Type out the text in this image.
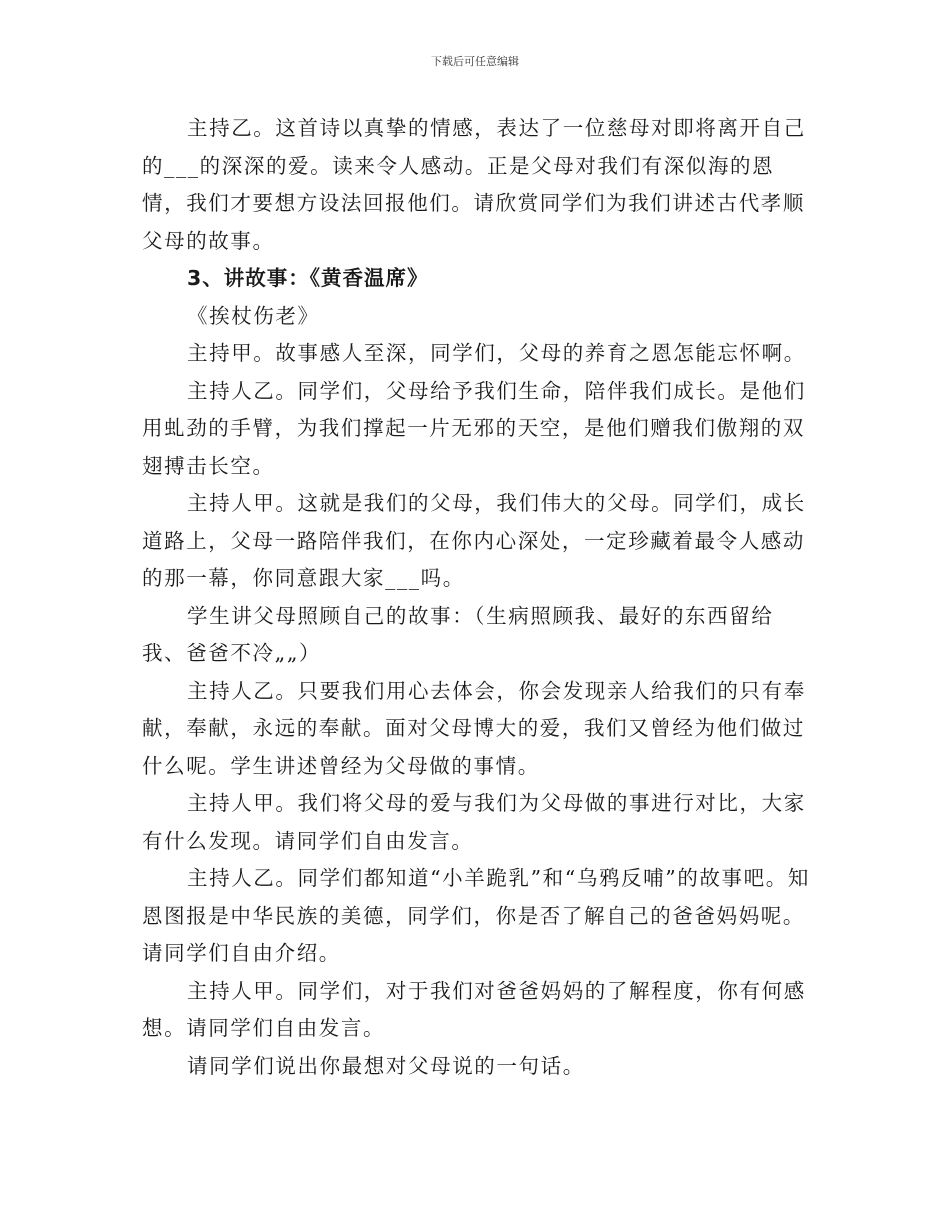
下载后可任意编辑

主持乙。这首诗以真挚的情感，表达了一位慈母对即将离开自己的___的深深的爱。读来令人感动。正是父母对我们有深似海的恩情，我们才要想方设法回报他们。请欣赏同学们为我们讲述古代孝顺父母的故事。

3、讲故事：《黄香温席》

《挨杖伤老》

主持甲。故事感人至深，同学们，父母的养育之恩怎能忘怀啊。

主持人乙。同学们，父母给予我们生命，陪伴我们成长。是他们用虬劲的手臂，为我们撑起一片无邪的天空，是他们赠我们傲翔的双翅搏击长空。

主持人甲。这就是我们的父母，我们伟大的父母。同学们，成长道路上，父母一路陪伴我们，在你内心深处，一定珍藏着最令人感动的那一幕，你同意跟大家___吗。

学生讲父母照顾自己的故事：（生病照顾我、最好的东西留给我、爸爸不冷„„）

主持人乙。只要我们用心去体会，你会发现亲人给我们的只有奉献，奉献，永远的奉献。面对父母博大的爱，我们又曾经为他们做过什么呢。学生讲述曾经为父母做的事情。

主持人甲。我们将父母的爱与我们为父母做的事进行对比，大家有什么发现。请同学们自由发言。

主持人乙。同学们都知道“小羊跪乳”和“乌鸦反哺”的故事吧。知恩图报是中华民族的美德，同学们，你是否了解自己的爸爸妈妈呢。请同学们自由介绍。

主持人甲。同学们，对于我们对爸爸妈妈的了解程度，你有何感想。请同学们自由发言。

请同学们说出你最想对父母说的一句话。
